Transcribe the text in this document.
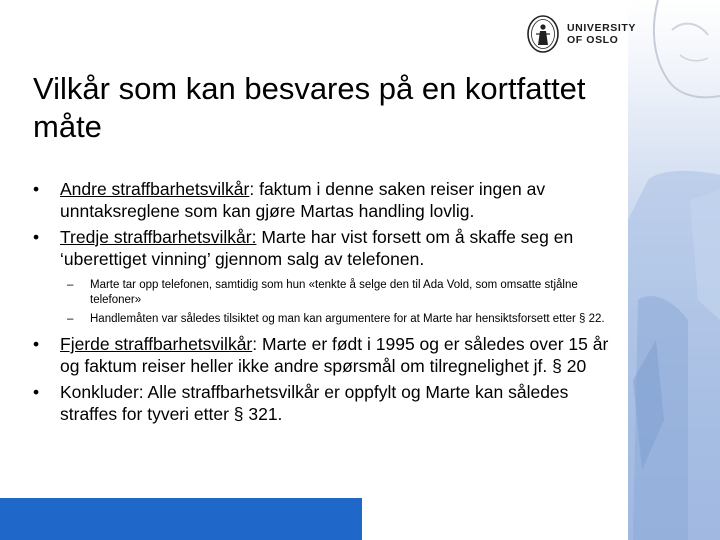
UNIVERSITY
OF OSLO
Vilkår som kan besvares på en kortfattet måte
•	Andre straffbarhetsvilkår: faktum i denne saken reiser ingen av unntaksreglene som kan gjøre Martas handling lovlig.
•	Tredje straffbarhetsvilkår: Marte har vist forsett om å skaffe seg en ‘uberettiget vinning’ gjennom salg av telefonen.
–	Marte tar opp telefonen, samtidig som hun «tenkte å selge den til Ada Vold, som omsatte stjålne telefoner»
–	Handlemåten var således tilsiktet og man kan argumentere for at Marte har hensiktsforsett etter § 22.
•	Fjerde straffbarhetsvilkår: Marte er født i 1995 og er således over 15 år og faktum reiser heller ikke andre spørsmål om tilregnelighet jf. § 20
•	Konkluder: Alle straffbarhetsvilkår er oppfylt og Marte kan således straffes for tyveri etter § 321.
